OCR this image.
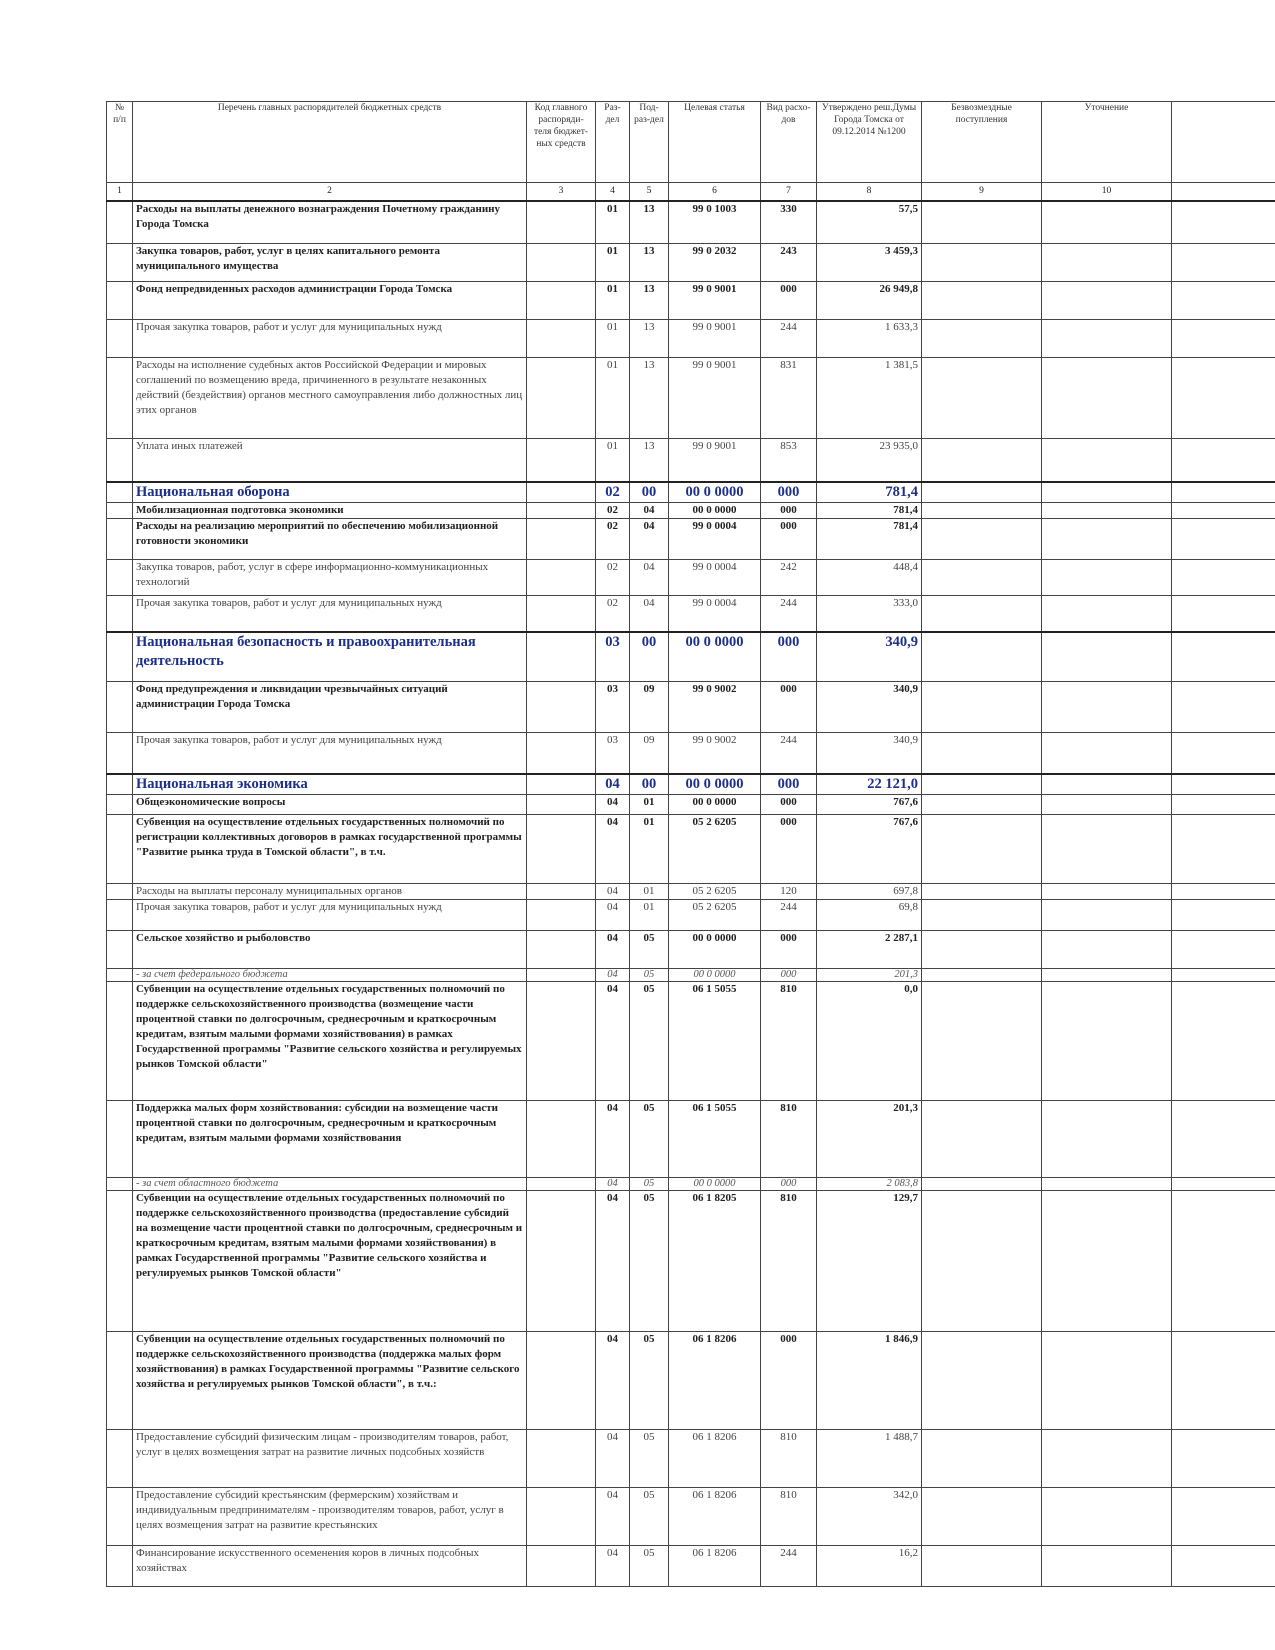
№ п/п	Перечень главных распорядителей бюджетных средств	Код главного распоряди-теля бюджет-ных средств	Раз-дел	Под-раз-дел	Целевая статья	Вид расхо-дов	Утверждено реш.Думы Города Томска от 09.12.2014 №1200	Безвозмездные поступления	Уточнение	
1	2	3	4	5	6	7	8	9	10	
	Расходы на выплаты денежного вознаграждения Почетному гражданину Города Томска		01	13	99 0 1003	330	57,5			
	Закупка товаров, работ, услуг в целях капитального ремонта муниципального имущества		01	13	99 0 2032	243	3 459,3			
	Фонд непредвиденных расходов администрации Города Томска		01	13	99 0 9001	000	26 949,8			
	Прочая закупка товаров, работ и услуг для муниципальных нужд		01	13	99 0 9001	244	1 633,3			
	Расходы на исполнение судебных актов Российской Федерации и мировых соглашений по возмещению вреда, причиненного в результате незаконных действий (бездействия) органов местного самоуправления либо должностных лиц этих органов		01	13	99 0 9001	831	1 381,5			
	Уплата иных платежей		01	13	99 0 9001	853	23 935,0			
	Национальная оборона		02	00	00 0 0000	000	781,4			
	Мобилизационная подготовка экономики		02	04	00 0 0000	000	781,4			
	Расходы на реализацию мероприятий по обеспечению мобилизационной готовности экономики		02	04	99 0 0004	000	781,4			
	Закупка товаров, работ, услуг в сфере информационно-коммуникационных технологий		02	04	99 0 0004	242	448,4			
	Прочая закупка товаров, работ и услуг для муниципальных нужд		02	04	99 0 0004	244	333,0			
	Национальная безопасность и правоохранительная деятельность		03	00	00 0 0000	000	340,9			
	Фонд предупреждения и ликвидации чрезвычайных ситуаций администрации Города Томска		03	09	99 0 9002	000	340,9			
	Прочая закупка товаров, работ и услуг для муниципальных нужд		03	09	99 0 9002	244	340,9			
	Национальная экономика		04	00	00 0 0000	000	22 121,0			
	Общеэкономические вопросы		04	01	00 0 0000	000	767,6			
	Субвенция на осуществление отдельных государственных полномочий по регистрации коллективных договоров в рамках государственной программы "Развитие рынка труда в Томской области", в т.ч.		04	01	05 2 6205	000	767,6			
	Расходы на выплаты персоналу муниципальных органов		04	01	05 2 6205	120	697,8			
	Прочая закупка товаров, работ и услуг для муниципальных нужд		04	01	05 2 6205	244	69,8			
	Сельское хозяйство и рыболовство		04	05	00 0 0000	000	2 287,1			
	- за счет федерального бюджета		04	05	00 0 0000	000	201,3			
	Субвенции на осуществление отдельных государственных полномочий по поддержке сельскохозяйственного производства (возмещение части процентной ставки по долгосрочным, среднесрочным и краткосрочным кредитам, взятым малыми формами хозяйствования) в рамках Государственной программы "Развитие сельского хозяйства и регулируемых рынков Томской области"		04	05	06 1 5055	810	0,0			
	Поддержка малых форм хозяйствования: субсидии на возмещение части процентной ставки по долгосрочным, среднесрочным и краткосрочным кредитам, взятым малыми формами хозяйствования		04	05	06 1 5055	810	201,3			
	- за счет областного бюджета		04	05	00 0 0000	000	2 083,8			
	Субвенции на осуществление отдельных государственных полномочий по поддержке сельскохозяйственного производства (предоставление субсидий на возмещение части процентной ставки по долгосрочным, среднесрочным и краткосрочным кредитам, взятым малыми формами хозяйствования) в рамках Государственной программы "Развитие сельского хозяйства и регулируемых рынков Томской области"		04	05	06 1 8205	810	129,7			
	Субвенции на осуществление отдельных государственных полномочий по поддержке сельскохозяйственного производства (поддержка малых форм хозяйствования) в рамках Государственной программы "Развитие сельского хозяйства и регулируемых рынков Томской области", в т.ч.:		04	05	06 1 8206	000	1 846,9			
	Предоставление субсидий физическим лицам - производителям товаров, работ, услуг в целях возмещения затрат на развитие личных подсобных хозяйств		04	05	06 1 8206	810	1 488,7			
	Предоставление субсидий крестьянским (фермерским) хозяйствам и индивидуальным предпринимателям - производителям товаров, работ, услуг в целях возмещения затрат на развитие крестьянских		04	05	06 1 8206	810	342,0			
	Финансирование искусственного осеменения коров в личных подсобных хозяйствах		04	05	06 1 8206	244	16,2			
